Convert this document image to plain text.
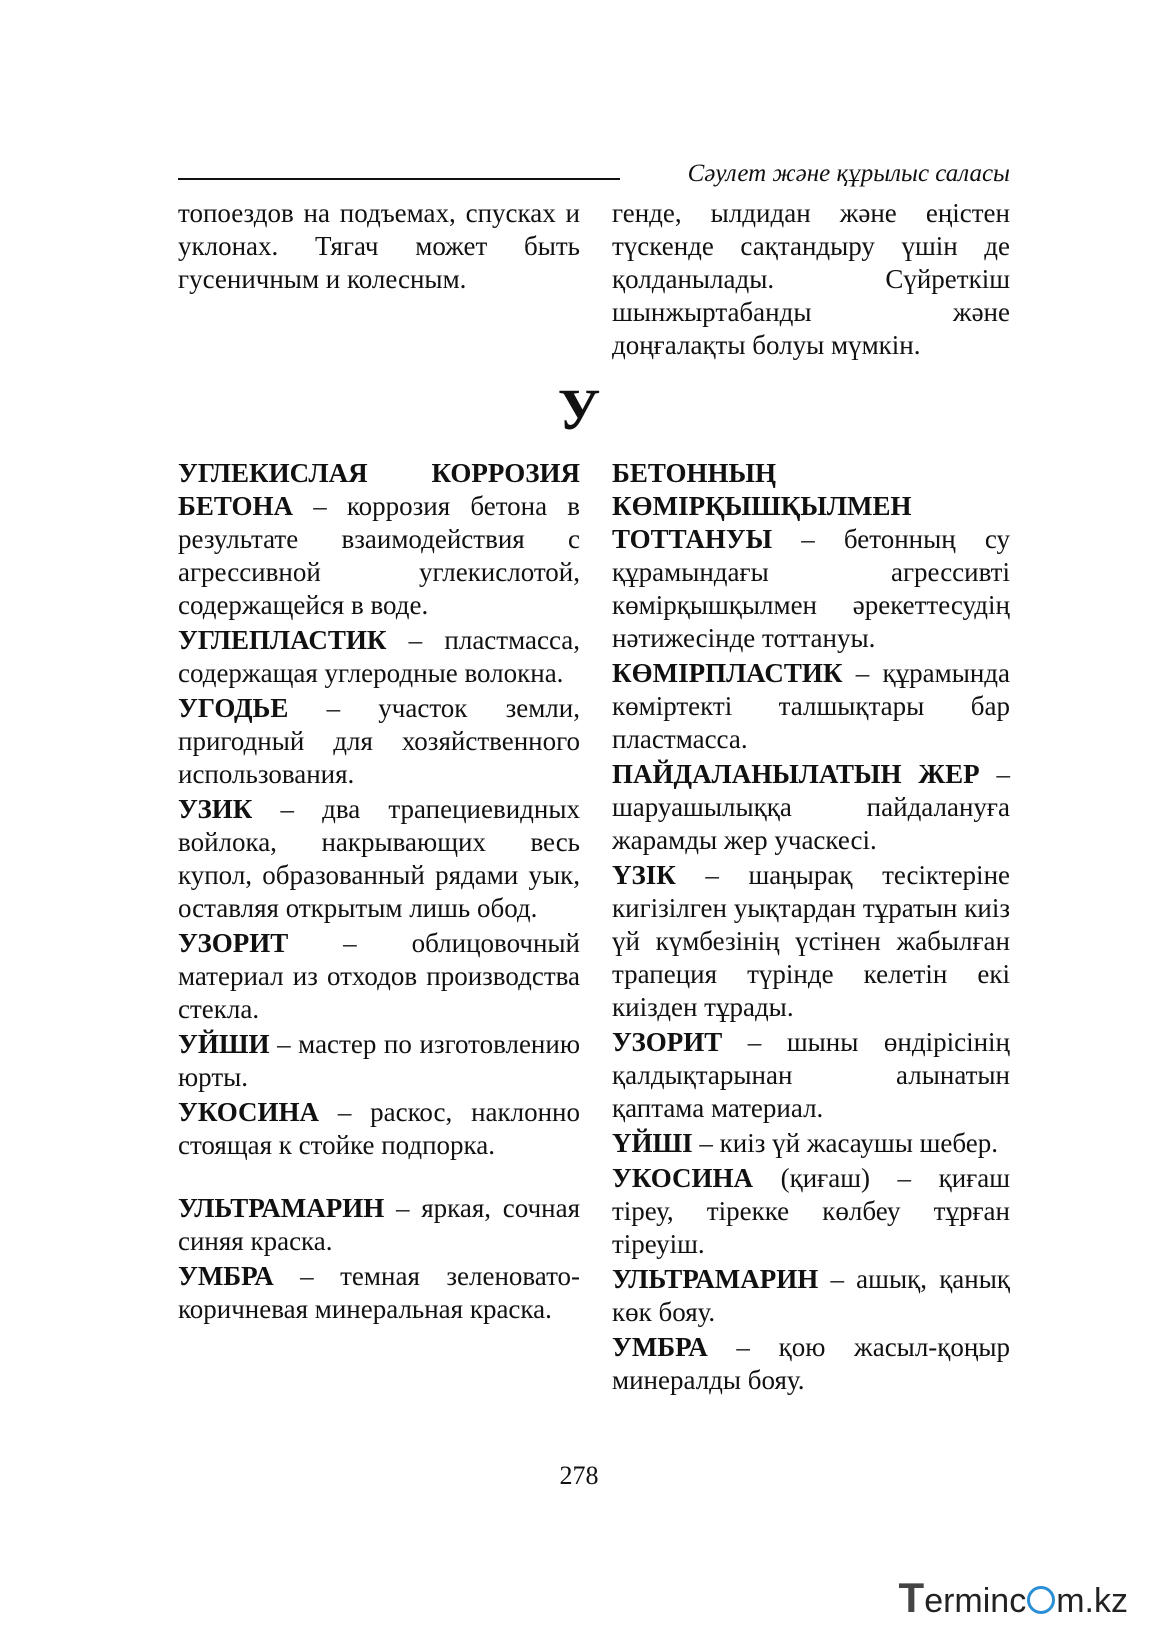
Сәулет және құрылыс саласы
топоездов на подъемах, спусках и уклонах. Тягач может быть гусеничным и колесным.
генде, ылдидан және еңістен түскенде сақтандыру үшін де қолданылады. Сүйреткіш шынжыртабанды және доңғалақты болуы мүмкін.
У
УГЛЕКИСЛАЯ КОРРОЗИЯ БЕТОНА – коррозия бетона в результате взаимодействия с агрессивной углекислотой, содержащейся в воде.
УГЛЕПЛАСТИК – пластмасса, содержащая углеродные волокна.
УГОДЬЕ – участок земли, пригодный для хозяйственного использования.
УЗИК – два трапециевидных войлока, накрывающих весь купол, образованный рядами уык, оставляя открытым лишь обод.
УЗОРИТ – облицовочный материал из отходов производства стекла.
УЙШИ – мастер по изготовлению юрты.
УКОСИНА – раскос, наклонно стоящая к стойке подпорка.
УЛЬТРАМАРИН – яркая, сочная синяя краска.
УМБРА – темная зеленовато-коричневая минеральная краска.
БЕТОННЫҢ КӨМІРҚЫШҚЫЛМЕН ТОТТАНУЫ – бетонның су құрамындағы агрессивті көмірқышқылмен әрекеттесудің нәтижесінде тоттануы.
КӨМІРПЛАСТИК – құрамында көміртекті талшықтары бар пластмасса.
ПАЙДАЛАНЫЛАТЫН ЖЕР – шаруашылыққа пайдалануға жарамды жер учаскесі.
ҮЗІК – шаңырақ тесіктеріне кигізілген уықтардан тұратын киіз үй күмбезінің үстінен жабылған трапеция түрінде келетін екі киізден тұрады.
УЗОРИТ – шыны өндірісінің қалдықтарынан алынатын қаптама материал.
ҮЙШІ – киіз үй жасаушы шебер.
УКОСИНА (қиғаш) – қиғаш тіреу, тірекке көлбеу тұрған тіреуіш.
УЛЬТРАМАРИН – ашық, қанық көк бояу.
УМБРА – қою жасыл-қоңыр минералды бояу.
278
T erminc m.kz
